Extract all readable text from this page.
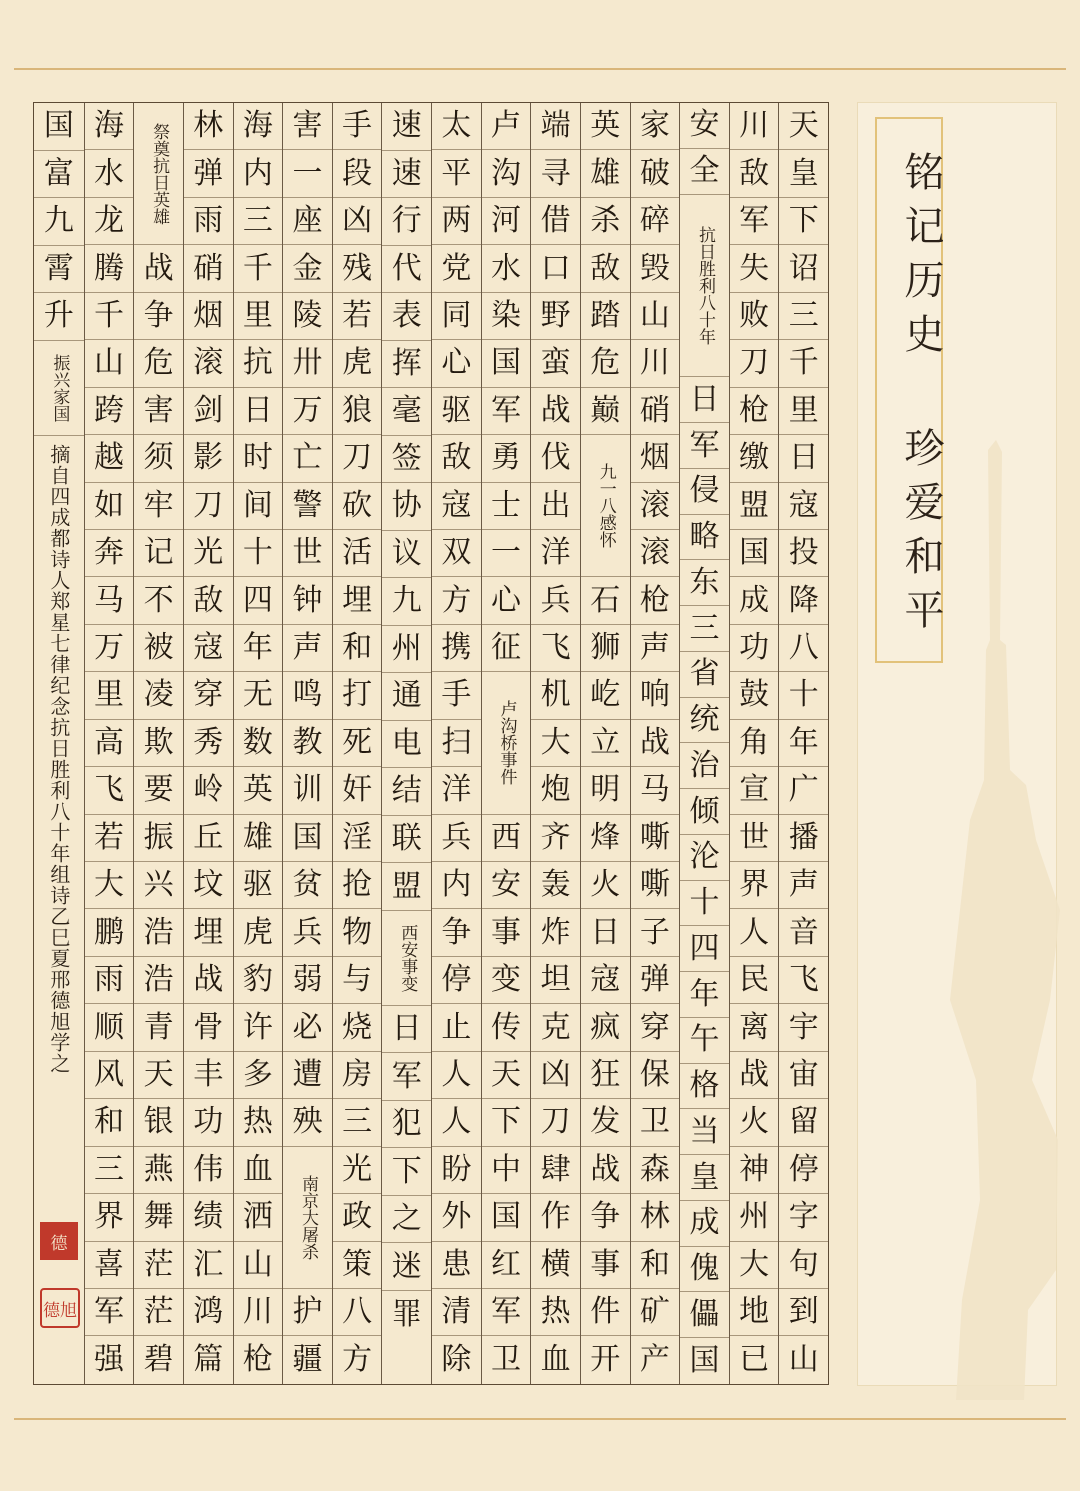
天
皇
下
诏
三
千
里
日
寇
投
降
八
十
年
广
播
声
音
飞
宇
宙
留
停
字
句
到
山
川
敌
军
失
败
刀
枪
缴
盟
国
成
功
鼓
角
宣
世
界
人
民
离
战
火
神
州
大
地
已
安
全
抗日胜利八十年
日
军
侵
略
东
三
省
统
治
倾
沦
十
四
年
午
格
当
皇
成
傀
儡
国
家
破
碎
毁
山
川
硝
烟
滚
滚
枪
声
响
战
马
嘶
嘶
子
弹
穿
保
卫
森
林
和
矿
产
英
雄
杀
敌
踏
危
巅
九一八感怀
石
狮
屹
立
明
烽
火
日
寇
疯
狂
发
战
争
事
件
开
端
寻
借
口
野
蛮
战
伐
出
洋
兵
飞
机
大
炮
齐
轰
炸
坦
克
凶
刀
肆
作
横
热
血
卢
沟
河
水
染
国
军
勇
士
一
心
征
卢沟桥事件
西
安
事
变
传
天
下
中
国
红
军
卫
太
平
两
党
同
心
驱
敌
寇
双
方
携
手
扫
洋
兵
内
争
停
止
人
人
盼
外
患
清
除
速
速
行
代
表
挥
毫
签
协
议
九
州
通
电
结
联
盟
西安事变
日
军
犯
下
之
迷
罪
手
段
凶
残
若
虎
狼
刀
砍
活
埋
和
打
死
奸
淫
抢
物
与
烧
房
三
光
政
策
八
方
害
一
座
金
陵
卅
万
亡
警
世
钟
声
鸣
教
训
国
贫
兵
弱
必
遭
殃
南京大屠杀
护
疆
海
内
三
千
里
抗
日
时
间
十
四
年
无
数
英
雄
驱
虎
豹
许
多
热
血
洒
山
川
枪
林
弹
雨
硝
烟
滚
剑
影
刀
光
敌
寇
穿
秀
岭
丘
坟
埋
战
骨
丰
功
伟
绩
汇
鸿
篇
祭奠抗日英雄
战
争
危
害
须
牢
记
不
被
凌
欺
要
振
兴
浩
浩
青
天
银
燕
舞
茫
茫
碧
海
水
龙
腾
千
山
跨
越
如
奔
马
万
里
高
飞
若
大
鹏
雨
顺
风
和
三
界
喜
军
强
国
富
九
霄
升
振兴家国
摘自四成都诗人郑星七律纪念抗日胜利八十年组诗乙巳夏邢德旭学之
铭记历史 珍爱和平
德
德旭
